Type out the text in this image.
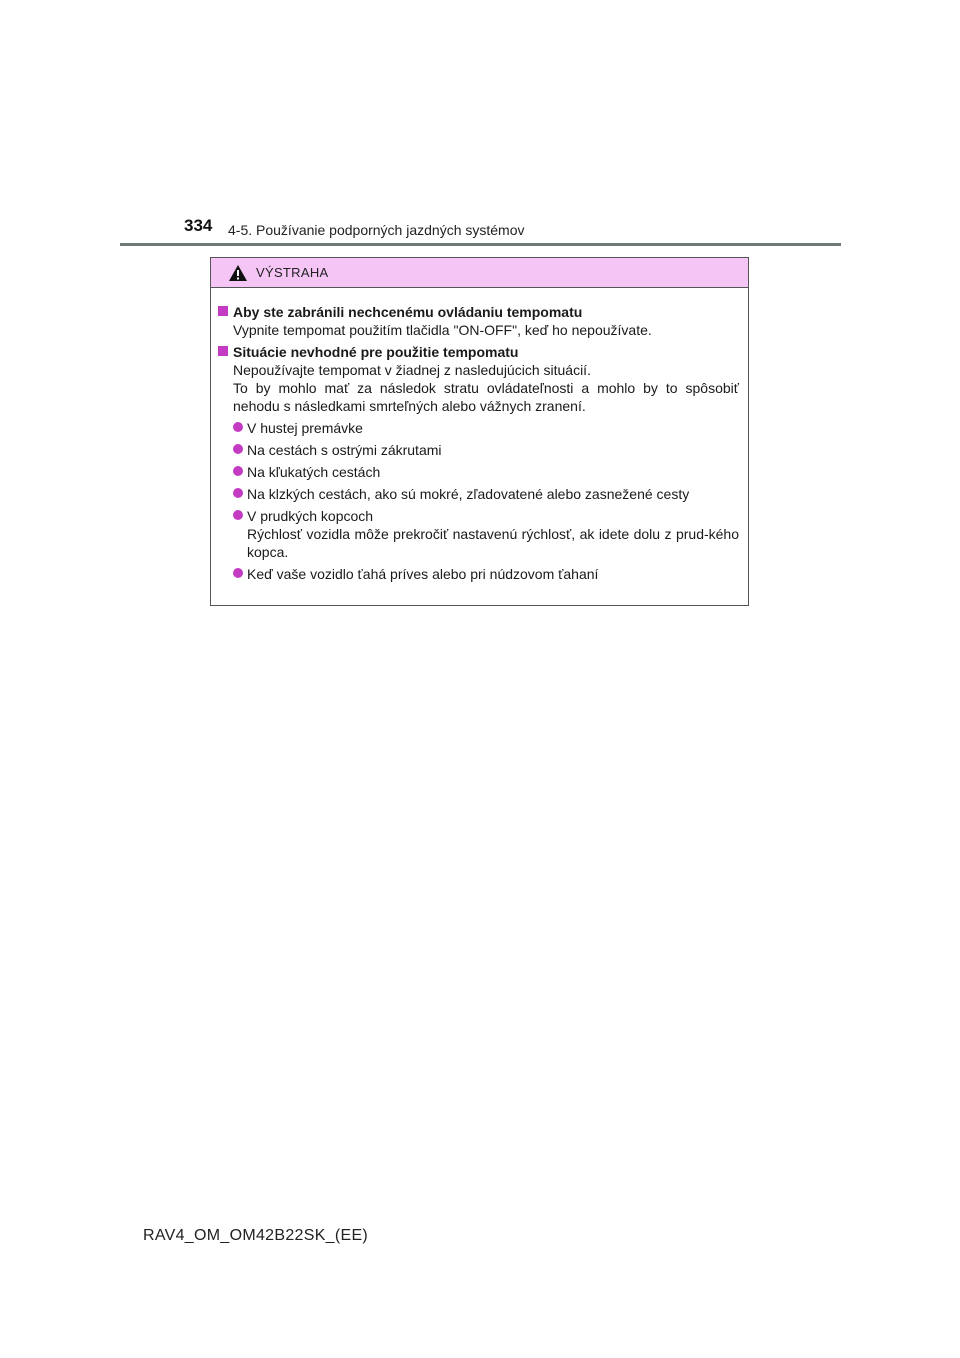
334 4-5. Používanie podporných jazdných systémov
VÝSTRAHA
Aby ste zabránili nechcenému ovládaniu tempomatu
Vypnite tempomat použitím tlačidla "ON-OFF", keď ho nepoužívate.
Situácie nevhodné pre použitie tempomatu
Nepoužívajte tempomat v žiadnej z nasledujúcich situácií.
To by mohlo mať za následok stratu ovládateľnosti a mohlo by to spôsobiť nehodu s následkami smrteľných alebo vážnych zranení.
V hustej premávke
Na cestách s ostrými zákrutami
Na kľukatých cestách
Na klzkých cestách, ako sú mokré, zľadovatené alebo zasnežené cesty
V prudkých kopcoch
Rýchlosť vozidla môže prekročiť nastavenú rýchlosť, ak idete dolu z prud-kého kopca.
Keď vaše vozidlo ťahá príves alebo pri núdzovom ťahaní
RAV4_OM_OM42B22SK_(EE)
